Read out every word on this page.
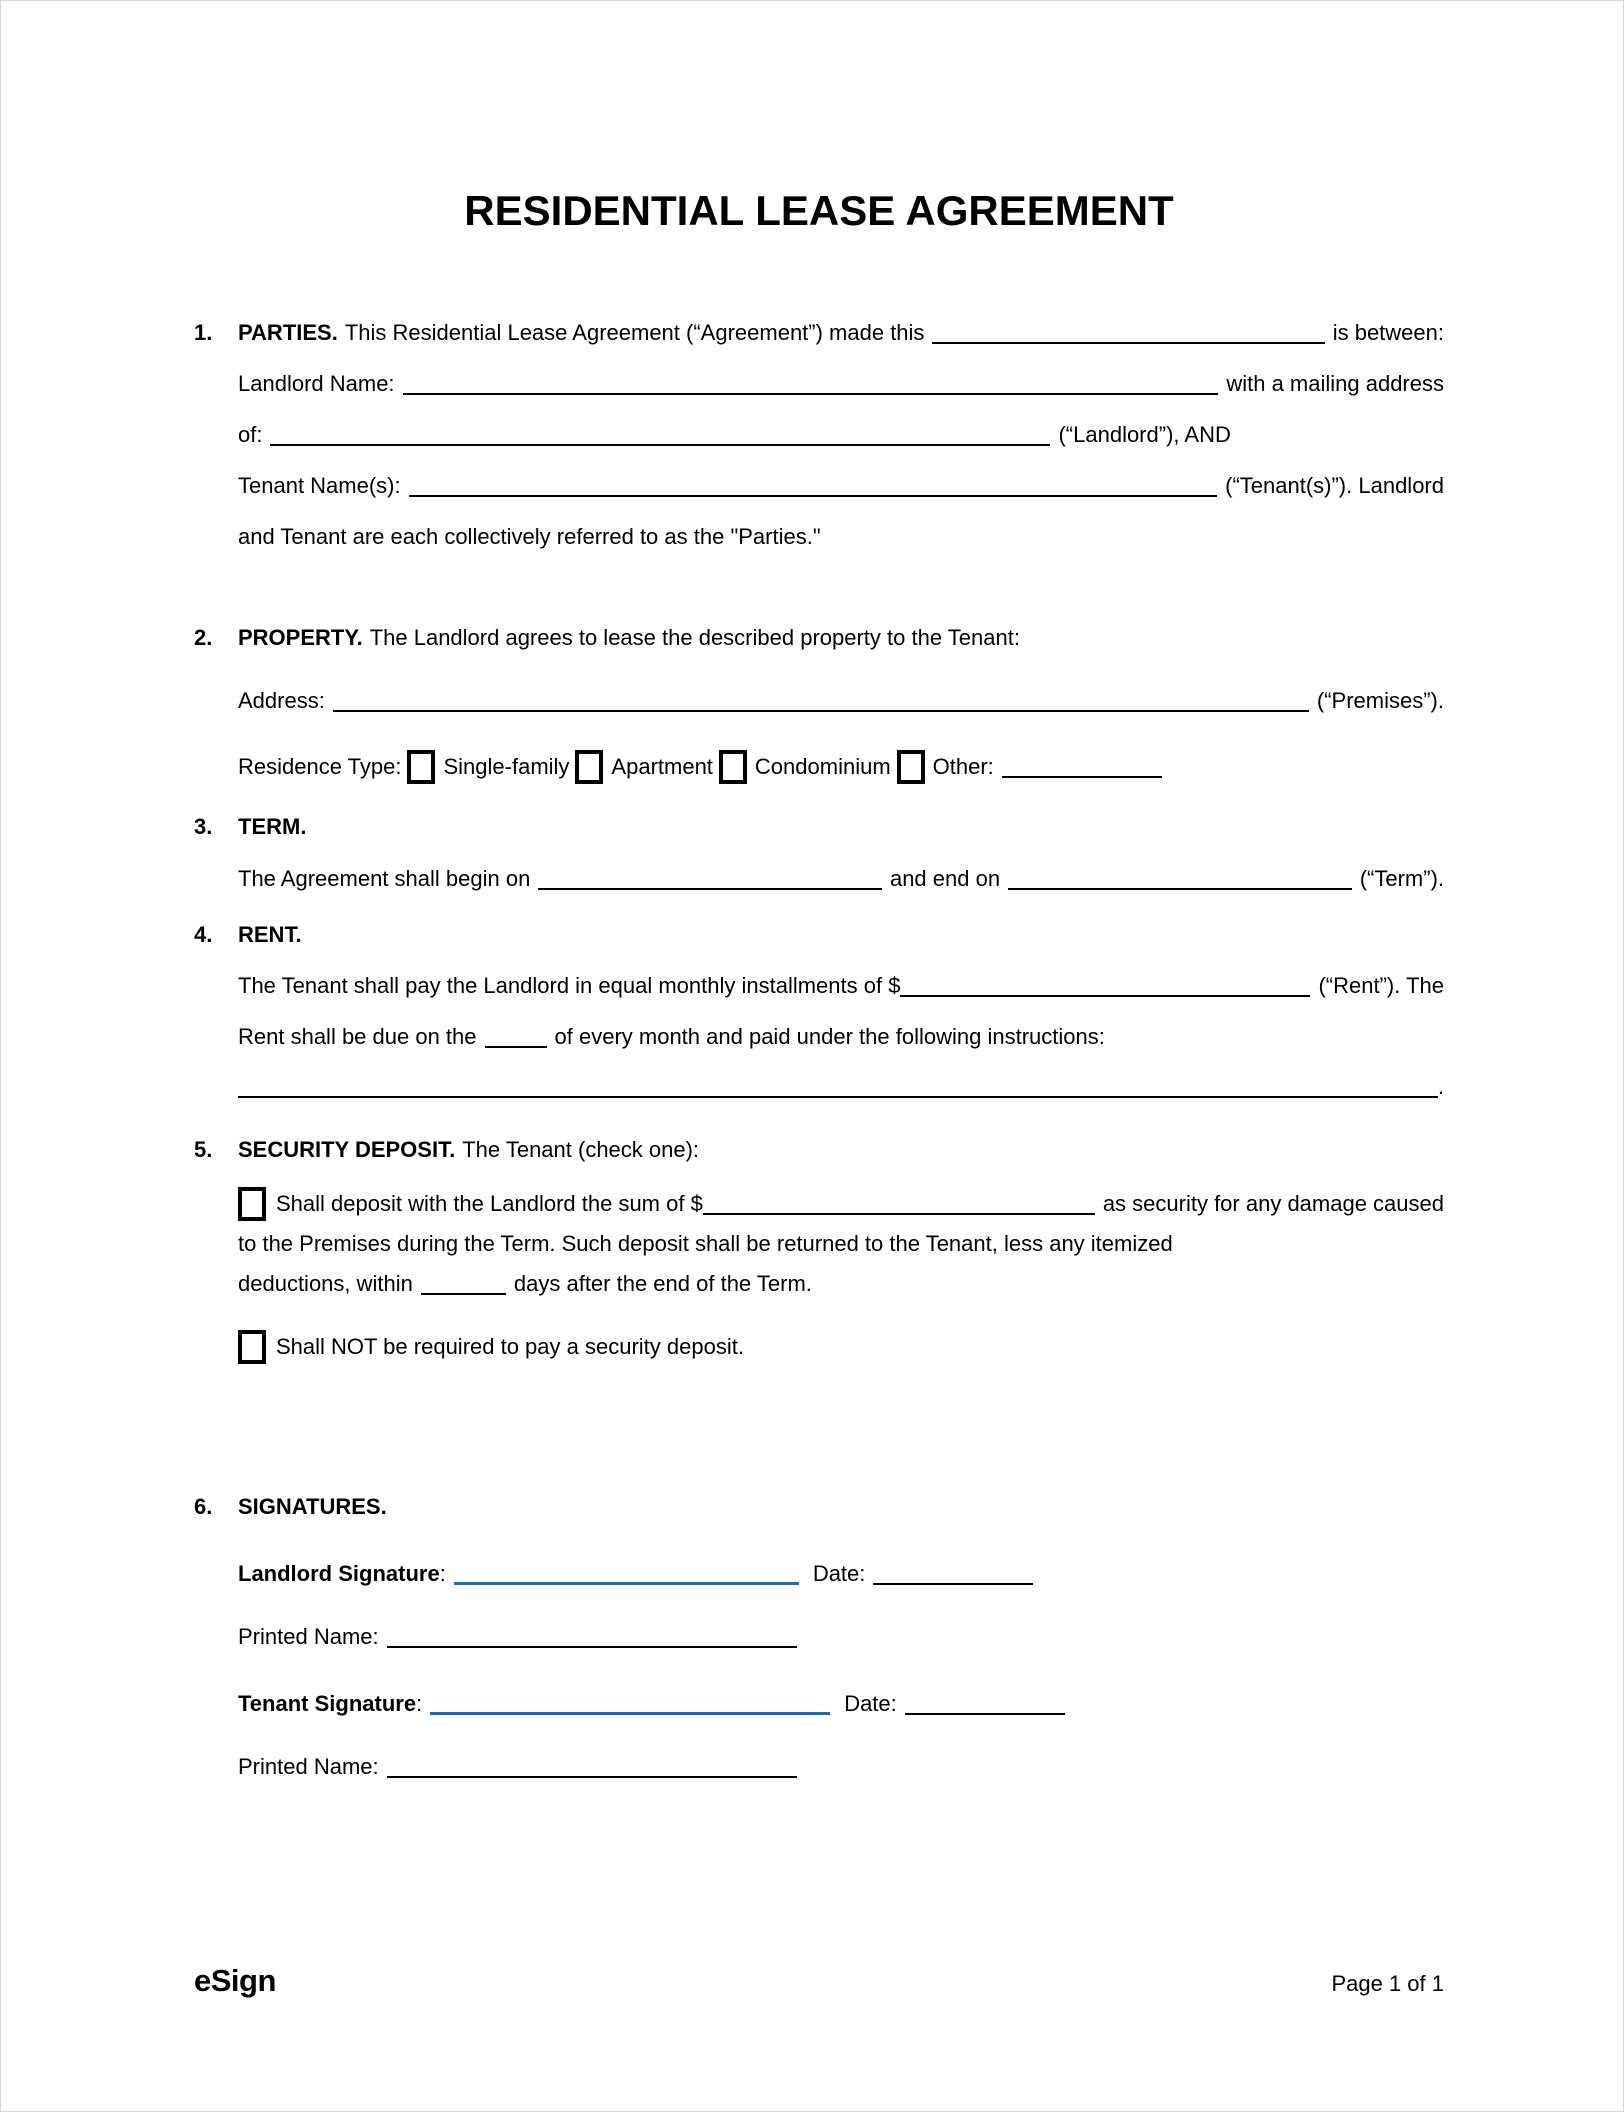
RESIDENTIAL LEASE AGREEMENT
1.	PARTIES. This Residential Lease Agreement (“Agreement”) made this	is between:
Landlord Name:	with a mailing address
of:	(“Landlord”), AND
Tenant Name(s):	(“Tenant(s)”). Landlord
and Tenant are each collectively referred to as the "Parties."
2.	PROPERTY. The Landlord agrees to lease the described property to the Tenant:
Address:	(“Premises”).
Residence Type: Single-family Apartment Condominium Other:
3.	TERM.
The Agreement shall begin on	and end on	(“Term”).
4.	RENT.
The Tenant shall pay the Landlord in equal monthly installments of $	(“Rent”). The
Rent shall be due on the	of every month and paid under the following instructions:
.
5.	SECURITY DEPOSIT. The Tenant (check one):
Shall deposit with the Landlord the sum of $	as security for any damage caused
to the Premises during the Term. Such deposit shall be returned to the Tenant, less any itemized
deductions, within	days after the end of the Term.
Shall NOT be required to pay a security deposit.
6.	SIGNATURES.
Landlord Signature :	Date:
Printed Name:
Tenant Signature :	Date:
Printed Name:
eSign	Page 1 of 1
